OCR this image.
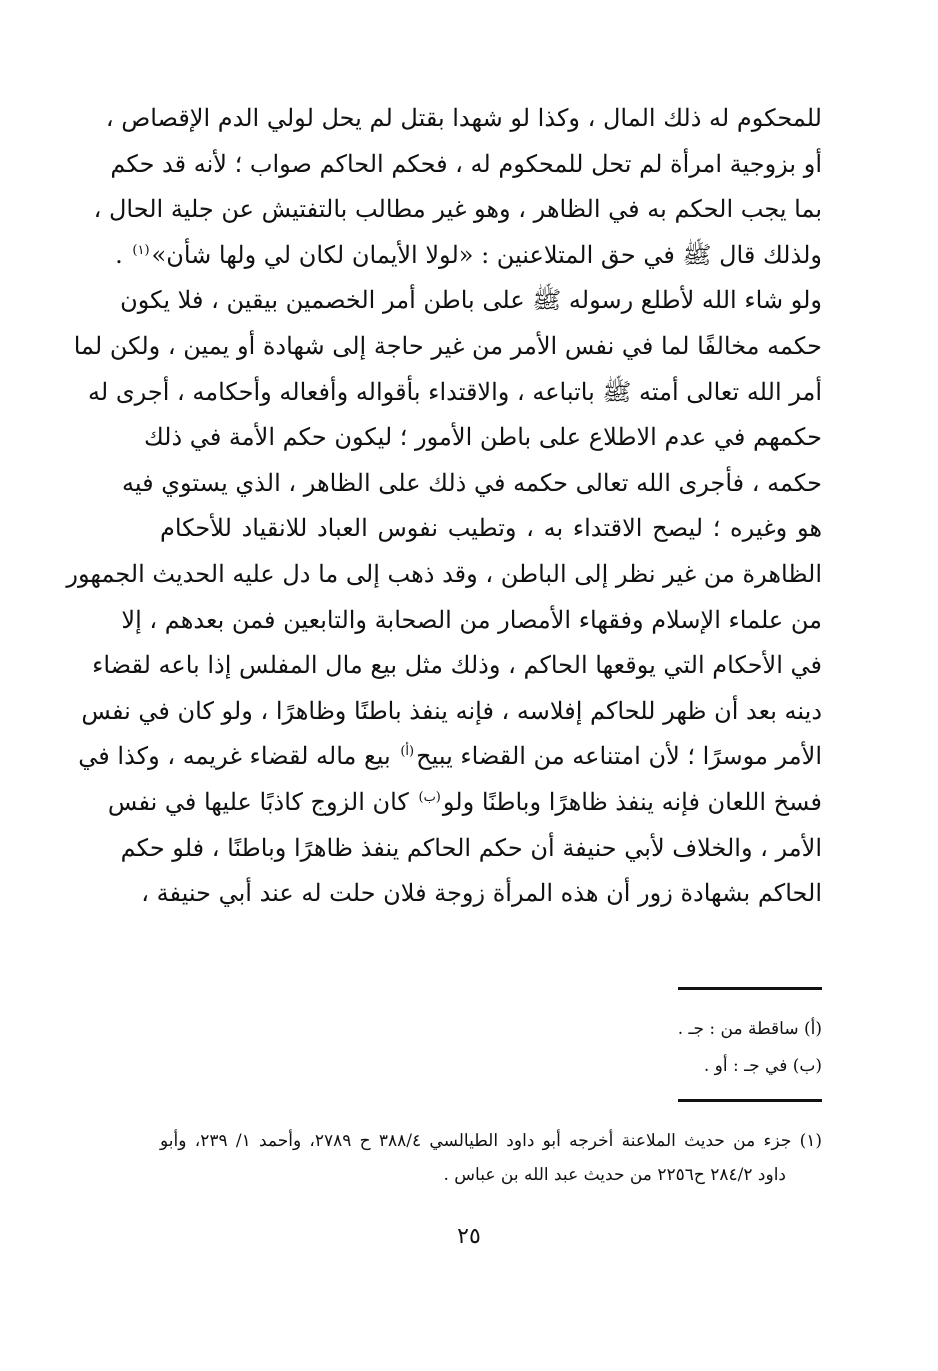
للمحكوم له ذلك المال ، وكذا لو شهدا بقتل لم يحل لولي الدم الإقصاص ،
أو بزوجية امرأة لم تحل للمحكوم له ، فحكم الحاكم صواب ؛ لأنه قد حكم
بما يجب الحكم به في الظاهر ، وهو غير مطالب بالتفتيش عن جلية الحال ،
ولذلك قال ﷺ في حق المتلاعنين : «لولا الأيمان لكان لي ولها شأن»$^{(١)}$ .
ولو شاء الله لأطلع رسوله ﷺ على باطن أمر الخصمين بيقين ، فلا يكون
حكمه مخالفًا لما في نفس الأمر من غير حاجة إلى شهادة أو يمين ، ولكن لما
أمر الله تعالى أمته ﷺ باتباعه ، والاقتداء بأقواله وأفعاله وأحكامه ، أجرى له
حكمهم في عدم الاطلاع على باطن الأمور ؛ ليكون حكم الأمة في ذلك
حكمه ، فأجرى الله تعالى حكمه في ذلك على الظاهر ، الذي يستوي فيه
هو وغيره ؛ ليصح الاقتداء به ، وتطيب نفوس العباد للانقياد للأحكام
الظاهرة من غير نظر إلى الباطن ، وقد ذهب إلى ما دل عليه الحديث الجمهور
من علماء الإسلام وفقهاء الأمصار من الصحابة والتابعين فمن بعدهم ، إلا
في الأحكام التي يوقعها الحاكم ، وذلك مثل بيع مال المفلس إذا باعه لقضاء
دينه بعد أن ظهر للحاكم إفلاسه ، فإنه ينفذ باطنًا وظاهرًا ، ولو كان في نفس
الأمر موسرًا ؛ لأن امتناعه من القضاء يبيح$^{(أ)}$ بيع ماله لقضاء غريمه ، وكذا في
فسخ اللعان فإنه ينفذ ظاهرًا وباطنًا ولو$^{(ب)}$ كان الزوج كاذبًا عليها في نفس
الأمر ، والخلاف لأبي حنيفة أن حكم الحاكم ينفذ ظاهرًا وباطنًا ، فلو حكم
الحاكم بشهادة زور أن هذه المرأة زوجة فلان حلت له عند أبي حنيفة ،
(أ) ساقطة من : جـ .
(ب) في جـ : أو .
(١) جزء من حديث الملاعنة أخرجه أبو داود الطيالسي ٣٨٨/٤ ح ٢٧٨٩، وأحمد ١/ ٢٣٩، وأبو
داود ٢٨٤/٢ ح٢٢٥٦ من حديث عبد الله بن عباس .
٢٥
